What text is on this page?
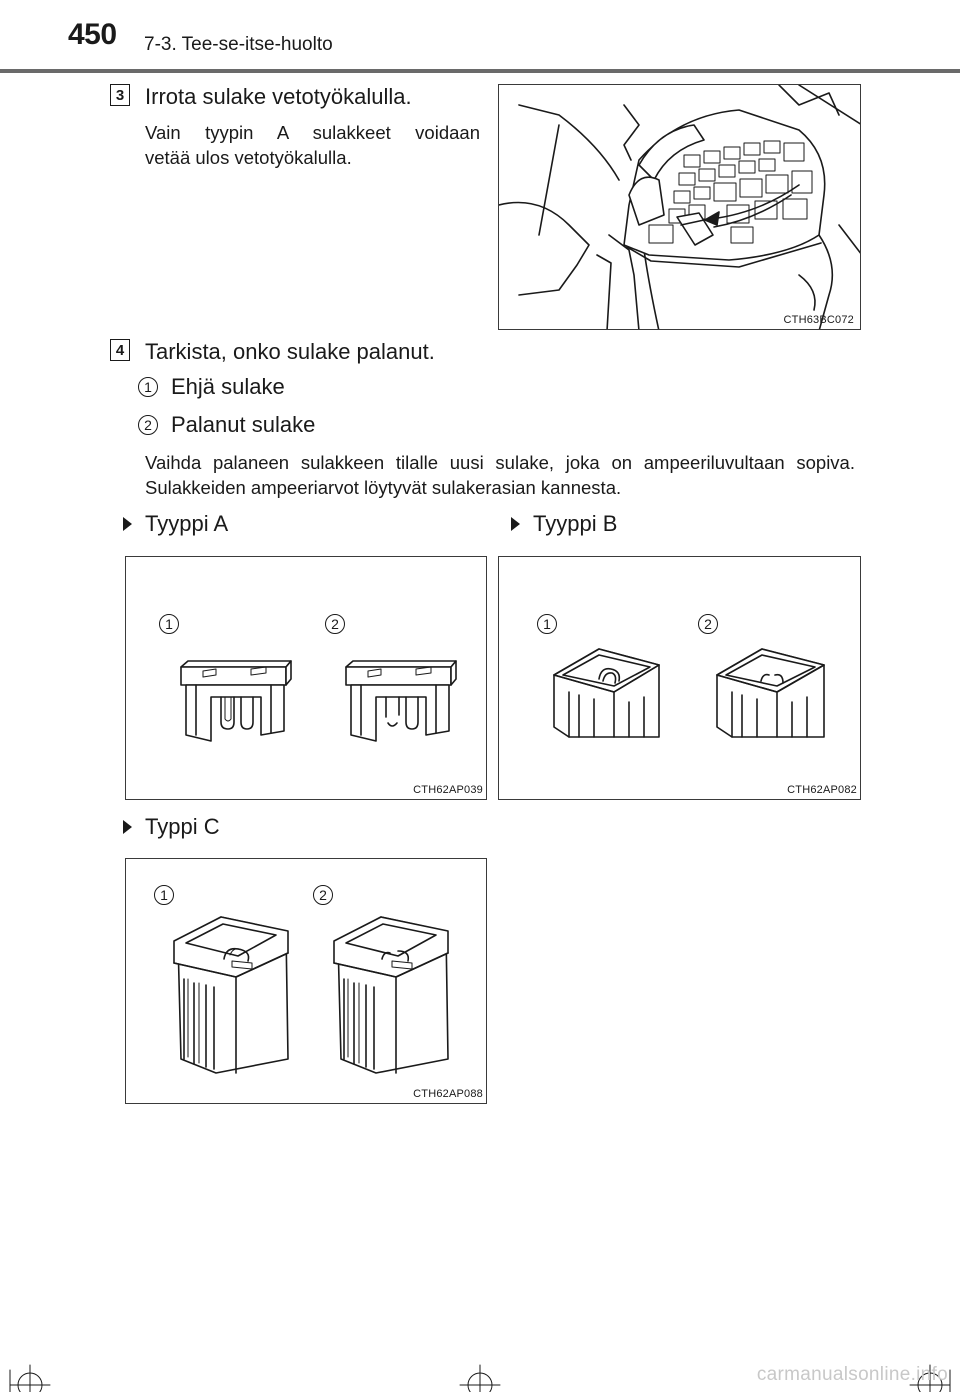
450 7-3. Tee-se-itse-huolto
3 Irrota sulake vetotyökalulla.
Vain tyypin A sulakkeet voidaan
vetää ulos vetotyökalulla.
CTH63BC072
4 Tarkista, onko sulake palanut.
1 Ehjä sulake
2 Palanut sulake
Vaihda palaneen sulakkeen tilalle uusi sulake, joka on ampeeriluvultaan sopiva. Sulakkeiden ampeeriarvot löytyvät sulakerasian kannesta.
Tyyppi A	Tyyppi B
1	2
CTH62AP039
1	2
CTH62AP082
Typpi C
1	2
CTH62AP088
carmanualsonline.info
